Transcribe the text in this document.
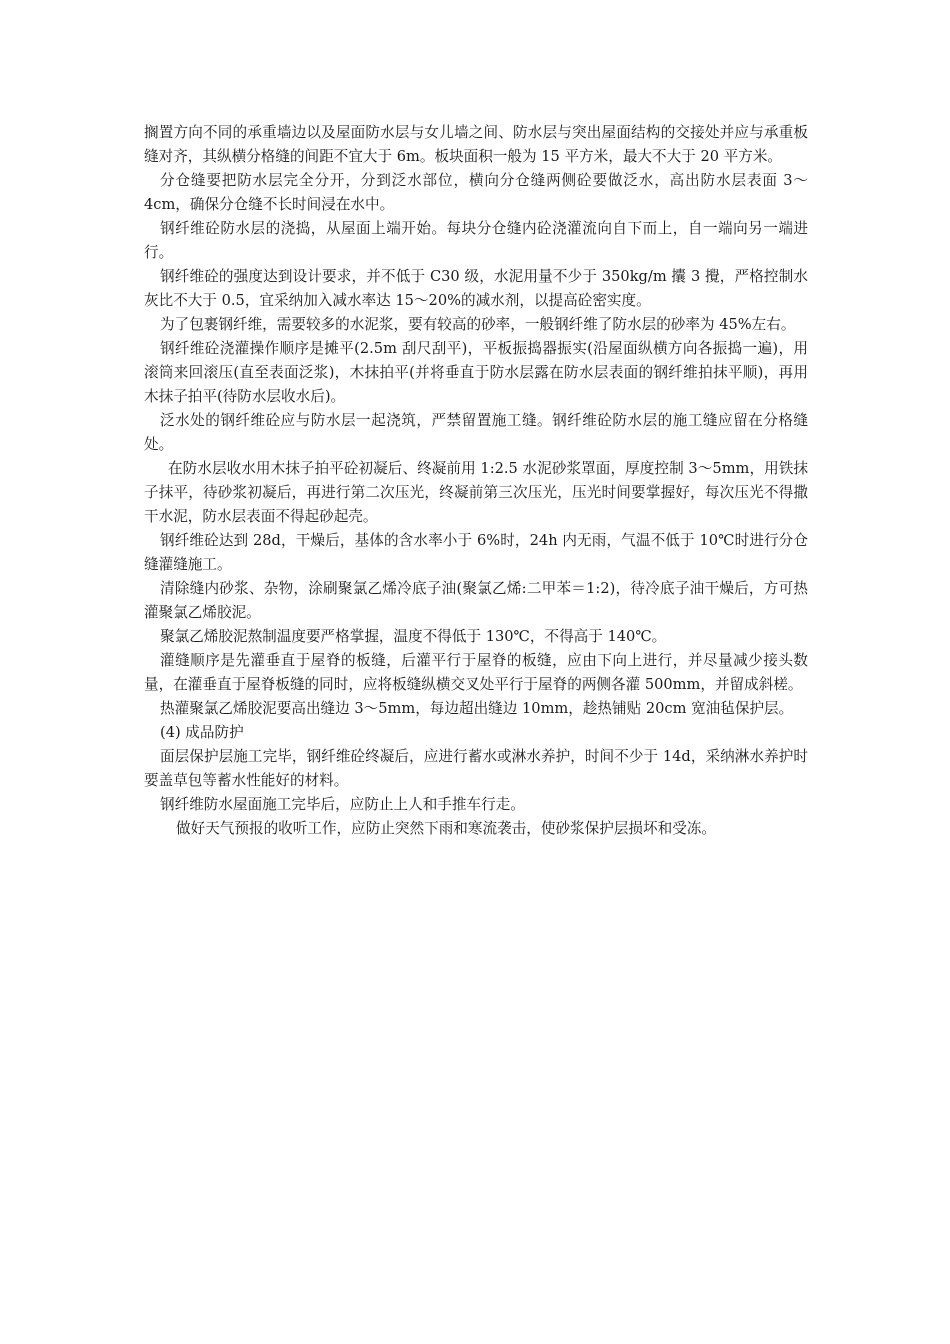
搁置方向不同的承重墙边以及屋面防水层与女儿墙之间、防水层与突出屋面结构的交接处并应与承重板缝对齐，其纵横分格缝的间距不宜大于 6m。板块面积一般为 15 平方米，最大不大于 20 平方米。

分仓缝要把防水层完全分开，分到泛水部位，横向分仓缝两侧砼要做泛水，高出防水层表面 3～4cm，确保分仓缝不长时间浸在水中。

钢纤维砼防水层的浇捣，从屋面上端开始。每块分仓缝内砼浇灌流向自下而上，自一端向另一端进行。

钢纤维砼的强度达到设计要求，并不低于 C30 级，水泥用量不少于 350kg/m 攮 3 攪，严格控制水灰比不大于 0.5，宜采纳加入减水率达 15～20%的减水剂，以提高砼密实度。

为了包裹钢纤维，需要较多的水泥浆，要有较高的砂率，一般钢纤维了防水层的砂率为 45%左右。

钢纤维砼浇灌操作顺序是摊平(2.5m 刮尺刮平)，平板振捣器振实(沿屋面纵横方向各振捣一遍)，用滚筒来回滚压(直至表面泛浆)，木抹拍平(并将垂直于防水层露在防水层表面的钢纤维拍抹平顺)，再用木抹子拍平(待防水层收水后)。

泛水处的钢纤维砼应与防水层一起浇筑，严禁留置施工缝。钢纤维砼防水层的施工缝应留在分格缝处。

在防水层收水用木抹子拍平砼初凝后、终凝前用 1:2.5 水泥砂浆罩面，厚度控制 3～5mm，用铁抹子抹平，待砂浆初凝后，再进行第二次压光，终凝前第三次压光，压光时间要掌握好，每次压光不得撒干水泥，防水层表面不得起砂起壳。

钢纤维砼达到 28d，干燥后，基体的含水率小于 6%时，24h 内无雨，气温不低于 10℃时进行分仓缝灌缝施工。

清除缝内砂浆、杂物，涂刷聚氯乙烯冷底子油(聚氯乙烯:二甲苯＝1:2)，待冷底子油干燥后，方可热灌聚氯乙烯胶泥。

聚氯乙烯胶泥熬制温度要严格掌握，温度不得低于 130℃，不得高于 140℃。

灌缝顺序是先灌垂直于屋脊的板缝，后灌平行于屋脊的板缝，应由下向上进行，并尽量减少接头数量，在灌垂直于屋脊板缝的同时，应将板缝纵横交叉处平行于屋脊的两侧各灌 500mm，并留成斜槎。

热灌聚氯乙烯胶泥要高出缝边 3～5mm，每边超出缝边 10mm，趁热铺贴 20cm 宽油毡保护层。

(4) 成品防护

面层保护层施工完毕，钢纤维砼终凝后，应进行蓄水或淋水养护，时间不少于 14d，采纳淋水养护时要盖草包等蓄水性能好的材料。

钢纤维防水屋面施工完毕后，应防止上人和手推车行走。

做好天气预报的收听工作，应防止突然下雨和寒流袭击，使砂浆保护层损坏和受冻。
